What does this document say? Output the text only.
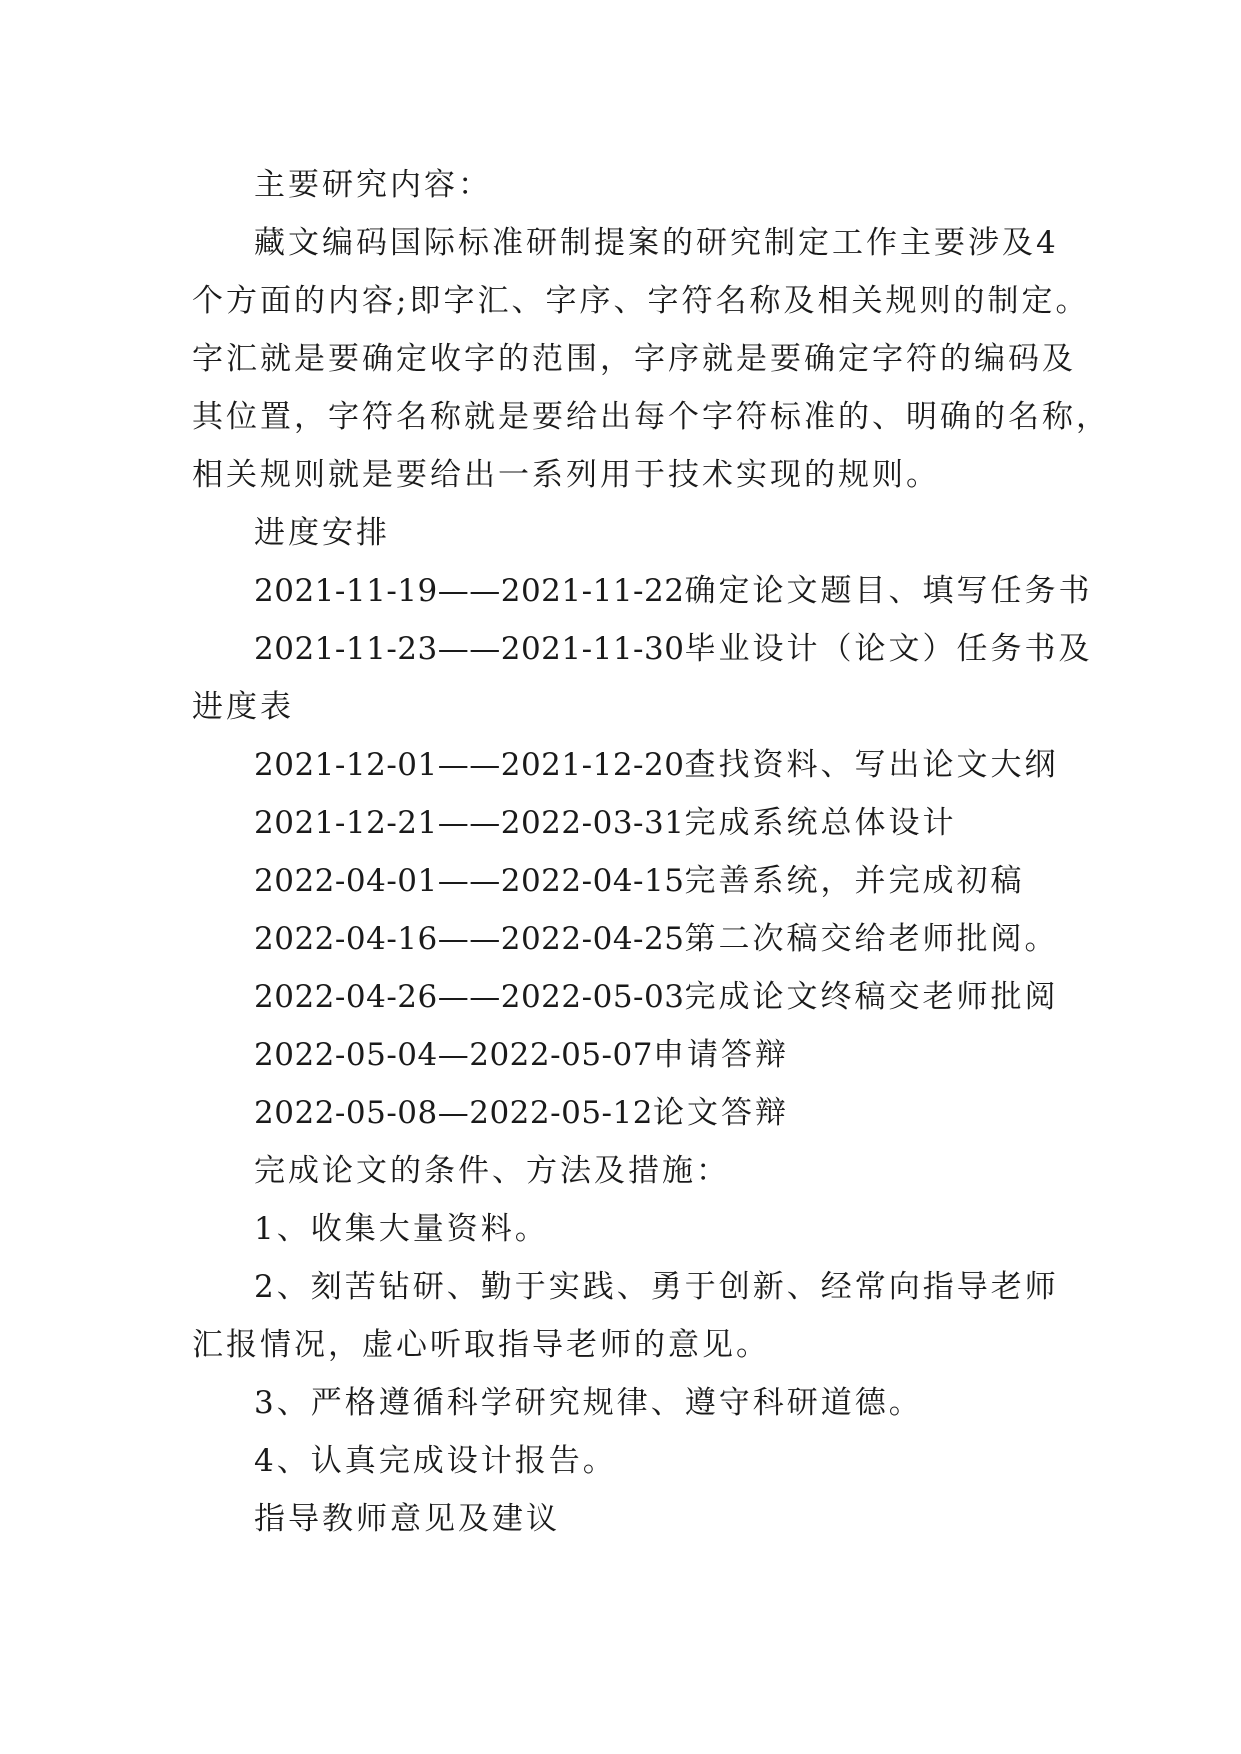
主要研究内容：

藏文编码国际标准研制提案的研究制定工作主要涉及4

个方面的内容;即字汇、字序、字符名称及相关规则的制定。

字汇就是要确定收字的范围，字序就是要确定字符的编码及

其位置，字符名称就是要给出每个字符标准的、明确的名称，

相关规则就是要给出一系列用于技术实现的规则。

进度安排

2021-11-19——2021-11-22确定论文题目、填写任务书

2021-11-23——2021-11-30毕业设计（论文）任务书及

进度表

2021-12-01——2021-12-20查找资料、写出论文大纲

2021-12-21——2022-03-31完成系统总体设计

2022-04-01——2022-04-15完善系统，并完成初稿

2022-04-16——2022-04-25第二次稿交给老师批阅。

2022-04-26——2022-05-03完成论文终稿交老师批阅

2022-05-04—2022-05-07申请答辩

2022-05-08—2022-05-12论文答辩

完成论文的条件、方法及措施：

1、收集大量资料。

2、刻苦钻研、勤于实践、勇于创新、经常向指导老师

汇报情况，虚心听取指导老师的意见。

3、严格遵循科学研究规律、遵守科研道德。

4、认真完成设计报告。

指导教师意见及建议
